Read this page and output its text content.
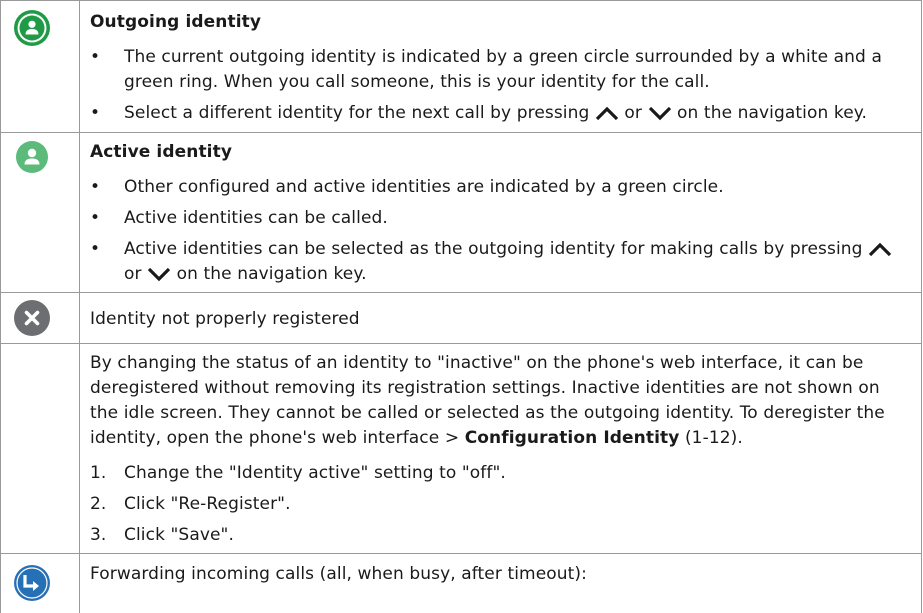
Outgoing identity
• The current outgoing identity is indicated by a green circle surrounded by a white and a green ring. When you call someone, this is your identity for the call.
• Select a different identity for the next call by pressing or on the navigation key.
Active identity
• Other configured and active identities are indicated by a green circle.
• Active identities can be called.
• Active identities can be selected as the outgoing identity for making calls by pressing  or on the navigation key.
Identity not properly registered
By changing the status of an identity to "inactive" on the phone's web interface, it can be deregistered without removing its registration settings. Inactive identities are not shown on the idle screen. They cannot be called or selected as the outgoing identity. To deregister the identity, open the phone's web interface > Configuration Identity (1-12).
1. Change the "Identity active" setting to "off".
2. Click "Re-Register".
3. Click "Save".
Forwarding incoming calls (all, when busy, after timeout):
